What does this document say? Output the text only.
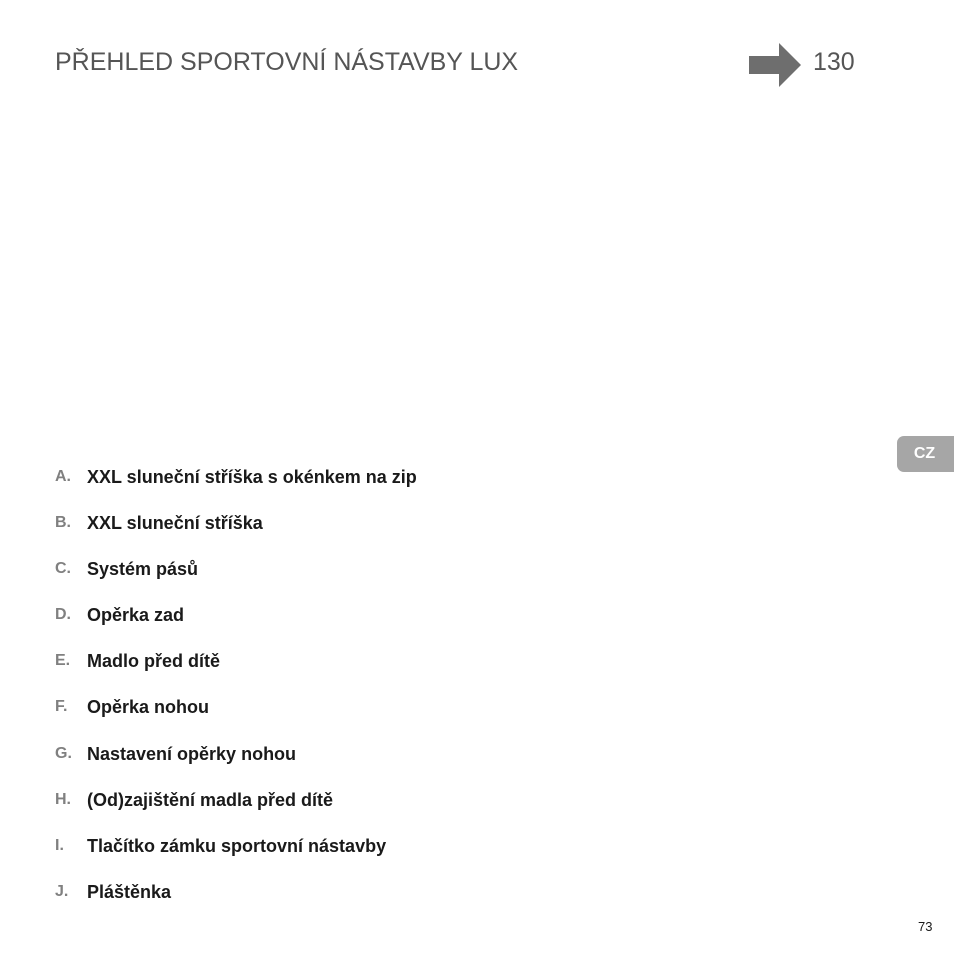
PŘEHLED SPORTOVNÍ NÁSTAVBY LUX	130
CZ
A. XXL sluneční stříška s okénkem na zip
B. XXL sluneční stříška
C. Systém pásů
D. Opěrka zad
E. Madlo před dítě
F.	Opěrka nohou
G. Nastavení opěrky nohou
H. (Od)zajištění madla před dítě
I.	Tlačítko zámku sportovní nástavby
J.	Pláštěnka
73
